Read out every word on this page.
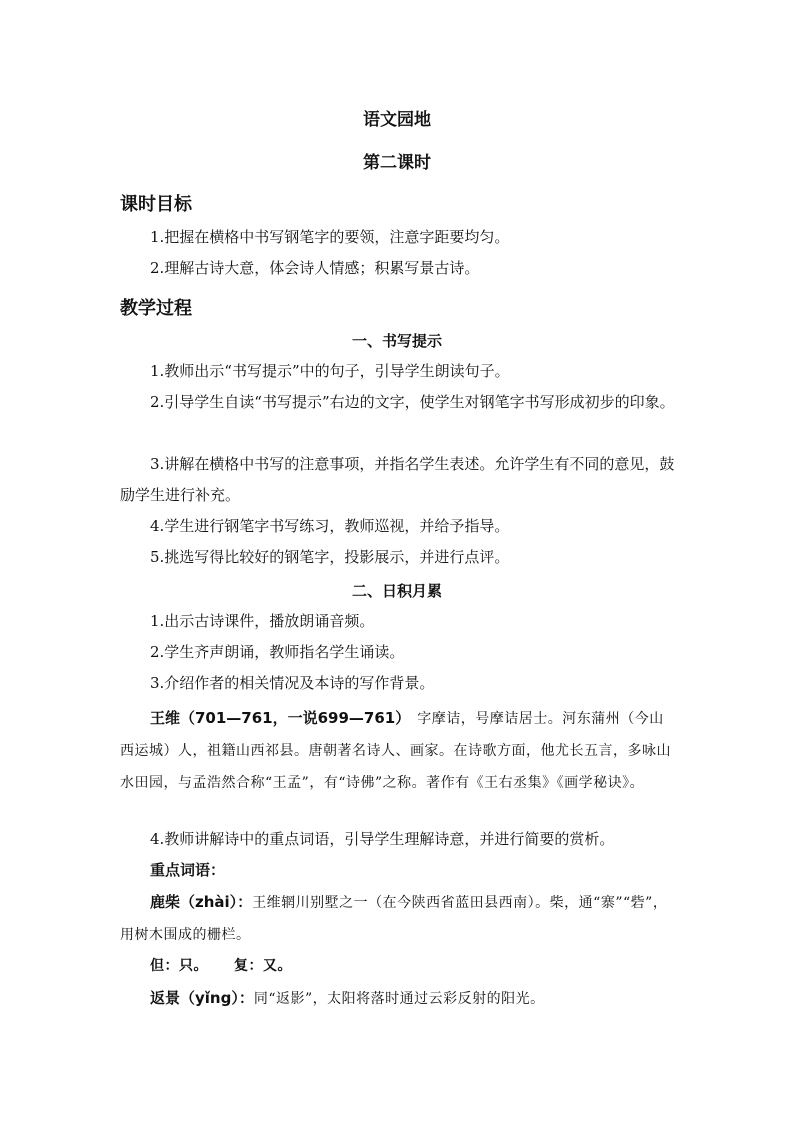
语文园地
第二课时
课时目标

1.把握在横格中书写钢笔字的要领，注意字距要均匀。

2.理解古诗大意，体会诗人情感；积累写景古诗。

教学过程
一、书写提示

1.教师出示“书写提示”中的句子，引导学生朗读句子。

2.引导学生自读“书写提示”右边的文字，使学生对钢笔字书写形成初步的印象。

3.讲解在横格中书写的注意事项，并指名学生表述。允许学生有不同的意见，鼓励学生进行补充。

4.学生进行钢笔字书写练习，教师巡视，并给予指导。

5.挑选写得比较好的钢笔字，投影展示，并进行点评。

二、日积月累

1.出示古诗课件，播放朗诵音频。

2.学生齐声朗诵，教师指名学生诵读。

3.介绍作者的相关情况及本诗的写作背景。

王维（701—761，一说699—761）　字摩诘，号摩诘居士。河东蒲州（今山西运城）人，祖籍山西祁县。唐朝著名诗人、画家。在诗歌方面，他尤长五言，多咏山水田园，与孟浩然合称“王孟”，有“诗佛”之称。著作有《王右丞集》《画学秘诀》。

4.教师讲解诗中的重点词语，引导学生理解诗意，并进行简要的赏析。

重点词语：

鹿柴（zhài）：王维辋川别墅之一（在今陕西省蓝田县西南）。柴，通“寨”“砦”，用树木围成的栅栏。

但：只。 复：又。

返景（yǐng）：同“返影”，太阳将落时通过云彩反射的阳光。
